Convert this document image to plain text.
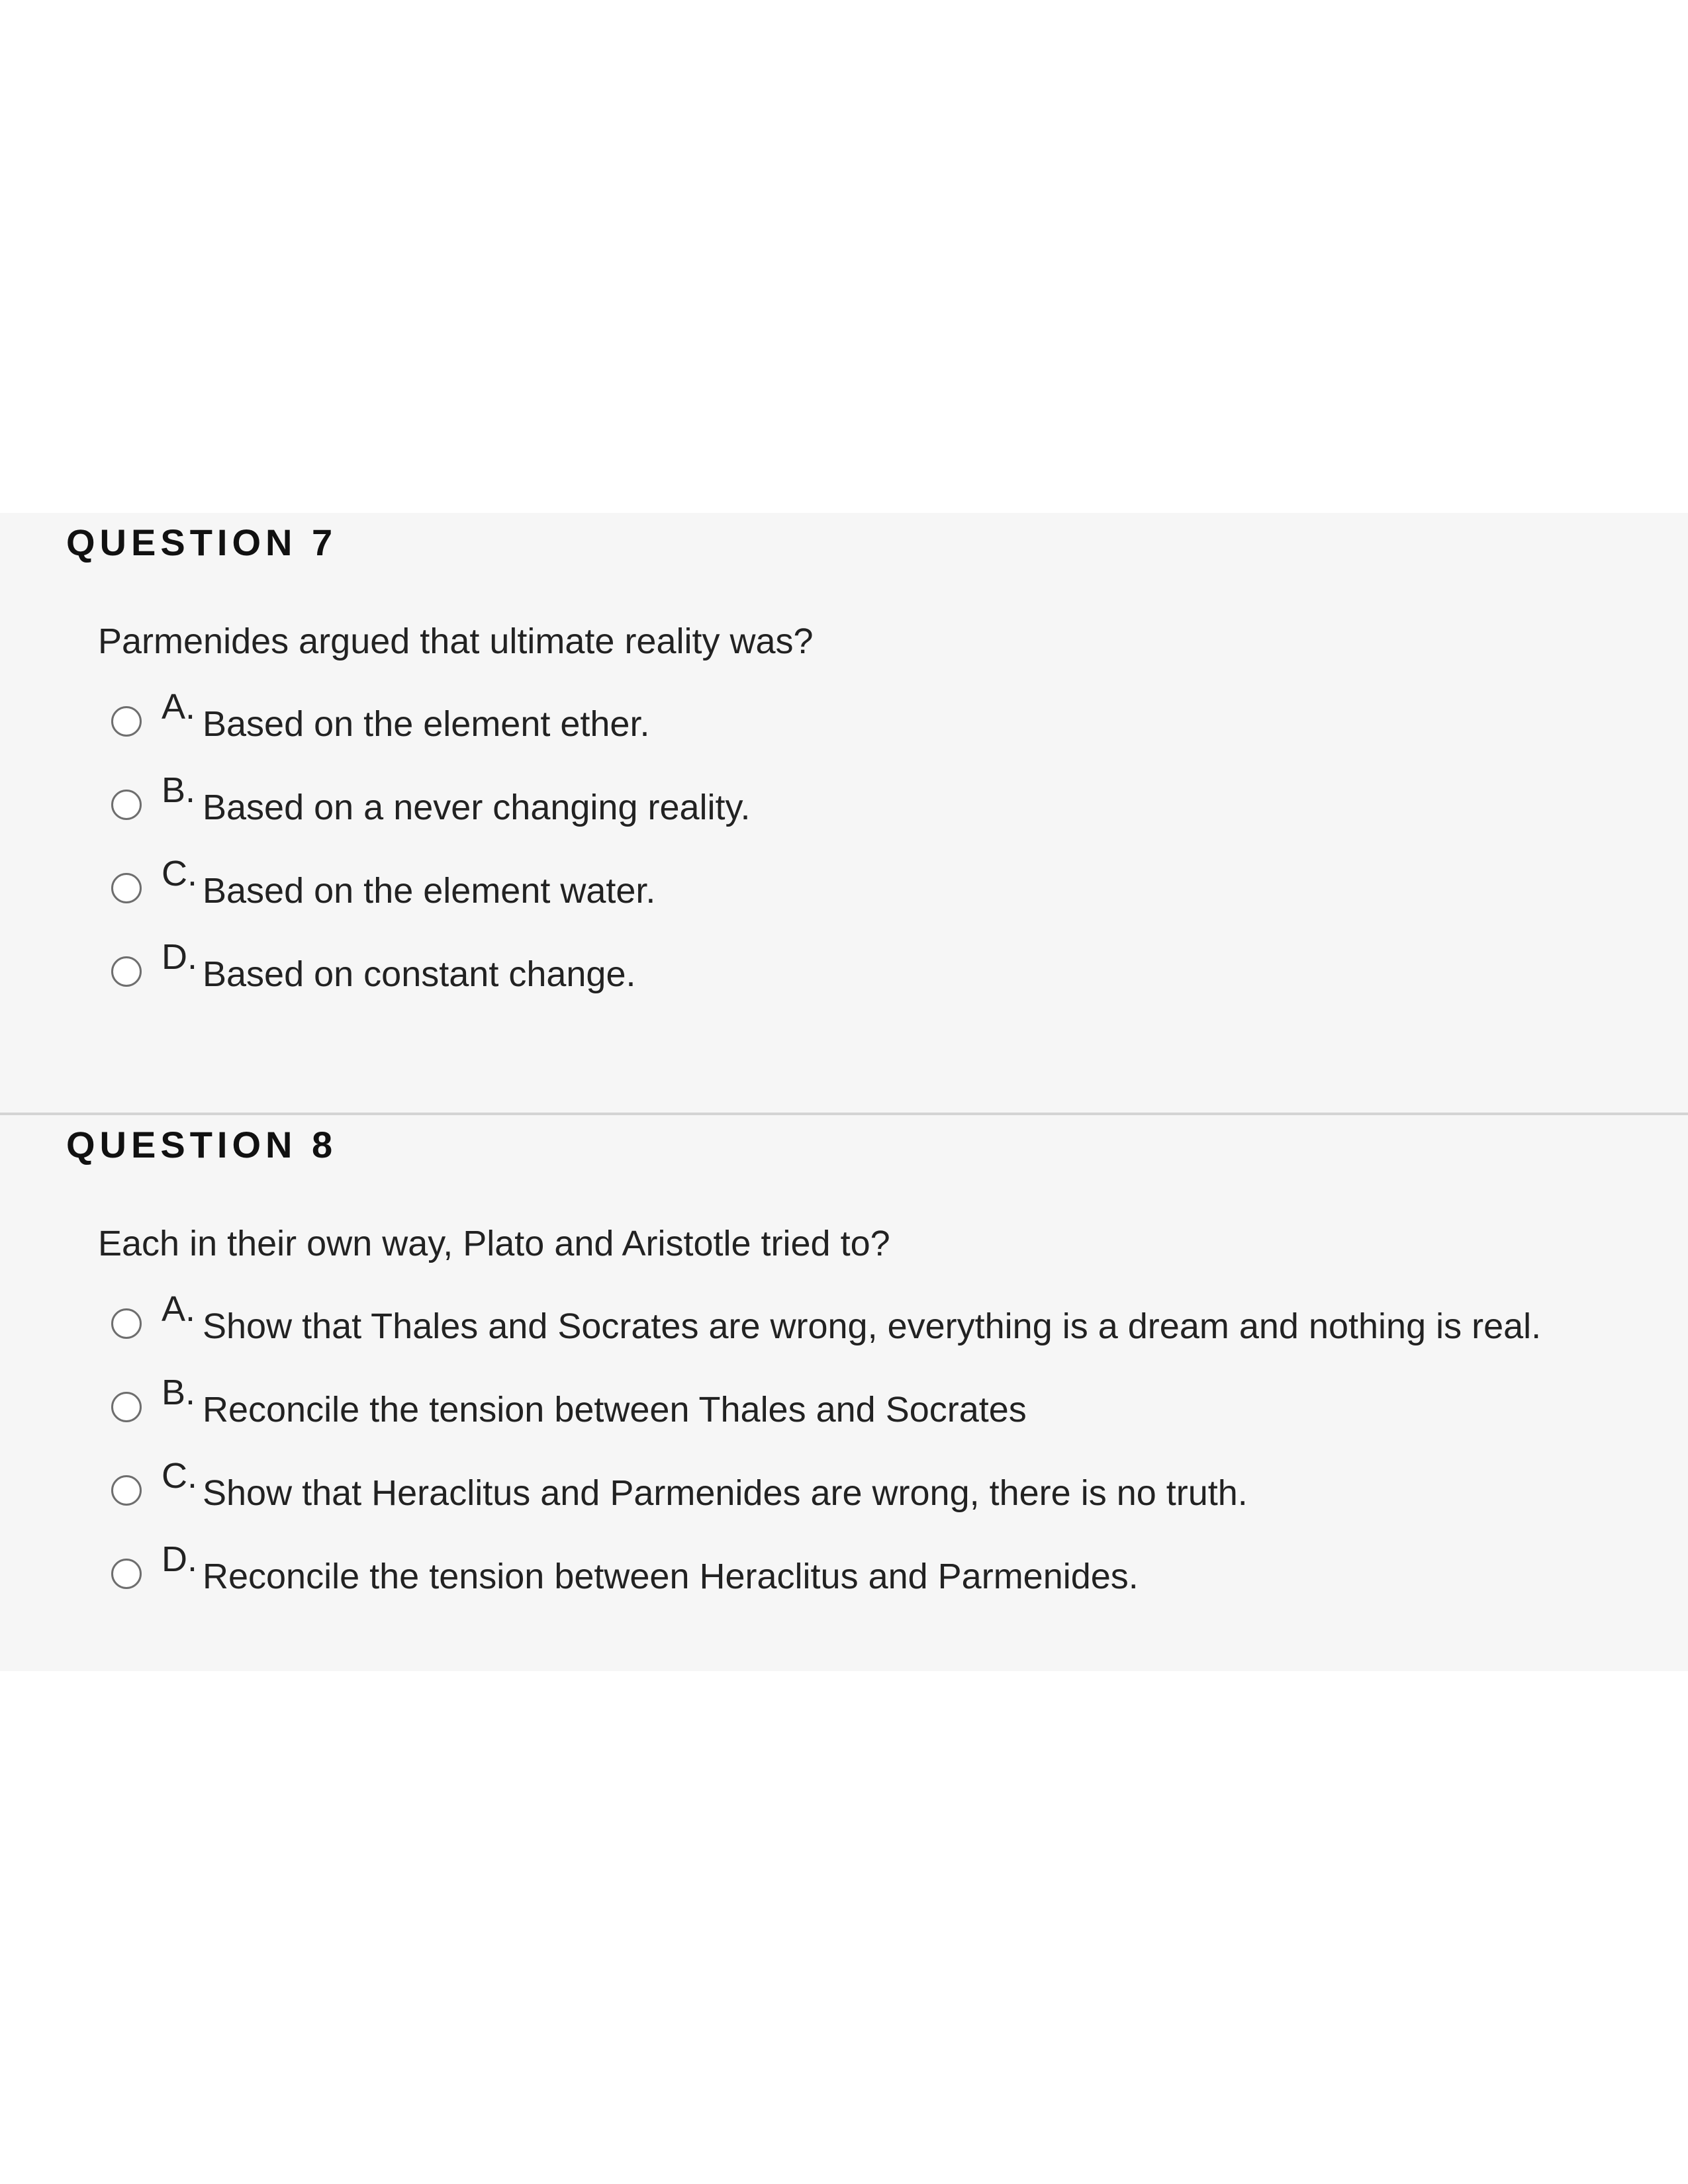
QUESTION 7

Parmenides argued that ultimate reality was?

A. Based on the element ether.
B. Based on a never changing reality.
C. Based on the element water.
D. Based on constant change.
QUESTION 8

Each in their own way, Plato and Aristotle tried to?

A. Show that Thales and Socrates are wrong, everything is a dream and nothing is real.
B. Reconcile the tension between Thales and Socrates
C. Show that Heraclitus and Parmenides are wrong, there is no truth.
D. Reconcile the tension between Heraclitus and Parmenides.
